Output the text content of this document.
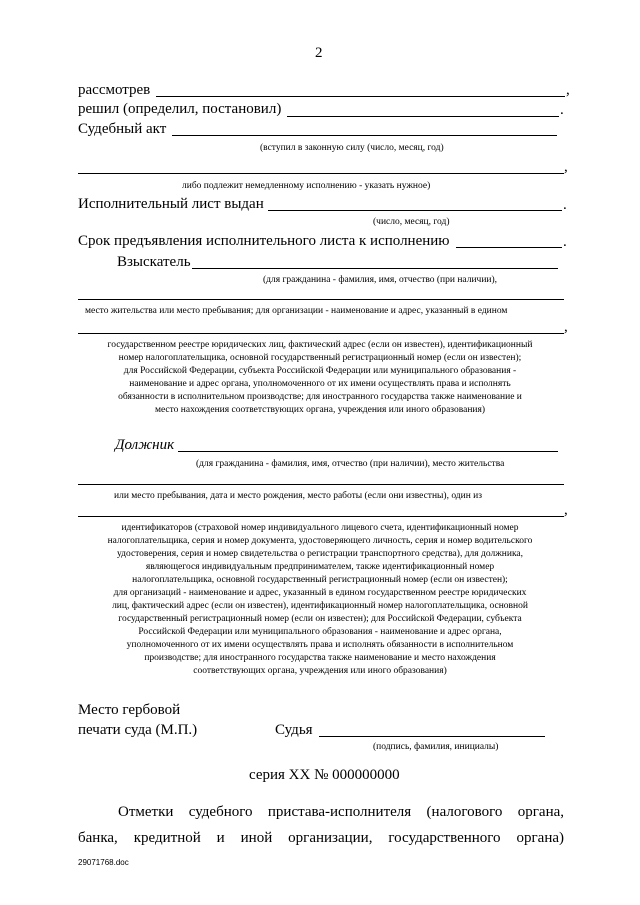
2
рассмотрев	,
решил (определил, постановил)	.
Судебный акт
(вступил в законную силу (число, месяц, год)
,
либо подлежит немедленному исполнению - указать нужное)
Исполнительный лист выдан	.
(число, месяц, год)
Срок предъявления исполнительного листа к исполнению	.
Взыскатель
(для гражданина - фамилия, имя, отчество (при наличии),
место жительства или место пребывания; для организации - наименование и адрес, указанный в едином
,
государственном реестре юридических лиц, фактический адрес (если он известен), идентификационный
номер налогоплательщика, основной государственный регистрационный номер (если он известен);
для Российской Федерации, субъекта Российской Федерации или муниципального образования -
наименование и адрес органа, уполномоченного от их имени осуществлять права и исполнять
обязанности в исполнительном производстве; для иностранного государства также наименование и
место нахождения соответствующих органа, учреждения или иного образования)
Должник
(для гражданина - фамилия, имя, отчество (при наличии), место жительства
или место пребывания, дата и место рождения, место работы (если они известны), один из
,
идентификаторов (страховой номер индивидуального лицевого счета, идентификационный номер
налогоплательщика, серия и номер документа, удостоверяющего личность, серия и номер водительского
удостоверения, серия и номер свидетельства о регистрации транспортного средства), для должника,
являющегося индивидуальным предпринимателем, также идентификационный номер
налогоплательщика, основной государственный регистрационный номер (если он известен);
для организаций - наименование и адрес, указанный в едином государственном реестре юридических
лиц, фактический адрес (если он известен), идентификационный номер налогоплательщика, основной
государственный регистрационный номер (если он известен); для Российской Федерации, субъекта
Российской Федерации или муниципального образования - наименование и адрес органа,
уполномоченного от их имени осуществлять права и исполнять обязанности в исполнительном
производстве; для иностранного государства также наименование и место нахождения
соответствующих органа, учреждения или иного образования)
Место гербовой
печати суда (М.П.)	Судья
(подпись, фамилия, инициалы)
серия XX № 000000000
Отметки судебного пристава-исполнителя (налогового органа,
банка, кредитной и иной организации, государственного органа)
29071768.doc
